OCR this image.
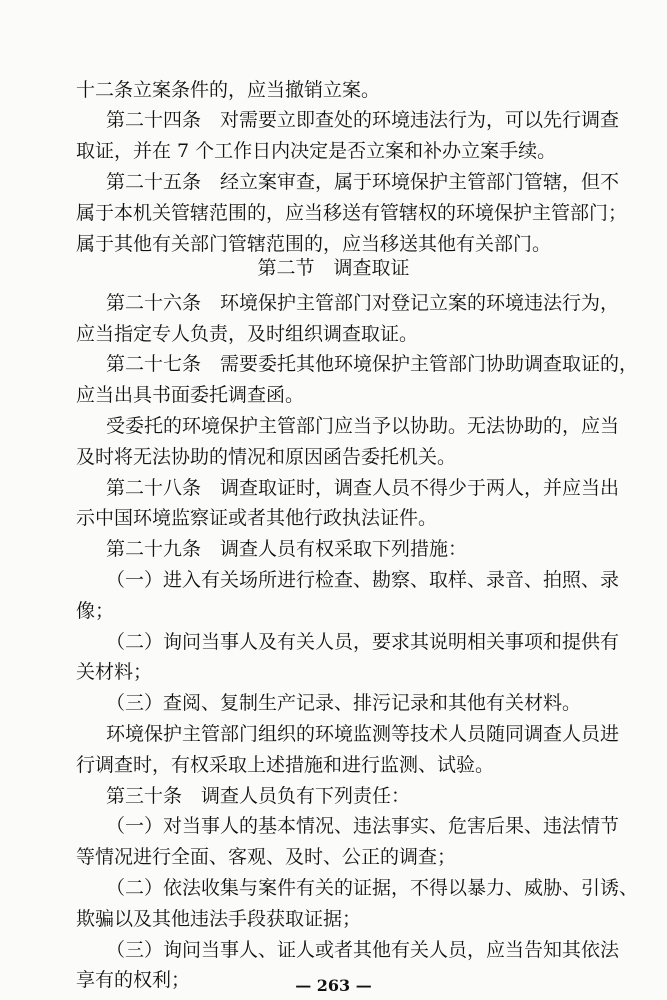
十二条立案条件的，应当撤销立案。
第二十四条　对需要立即查处的环境违法行为，可以先行调查
取证，并在 7 个工作日内决定是否立案和补办立案手续。
第二十五条　经立案审查，属于环境保护主管部门管辖，但不
属于本机关管辖范围的，应当移送有管辖权的环境保护主管部门；
属于其他有关部门管辖范围的，应当移送其他有关部门。
第二节　调查取证
第二十六条　环境保护主管部门对登记立案的环境违法行为，
应当指定专人负责，及时组织调查取证。
第二十七条　需要委托其他环境保护主管部门协助调查取证的，
应当出具书面委托调查函。
受委托的环境保护主管部门应当予以协助。无法协助的，应当
及时将无法协助的情况和原因函告委托机关。
第二十八条　调查取证时，调查人员不得少于两人，并应当出
示中国环境监察证或者其他行政执法证件。
第二十九条　调查人员有权采取下列措施：
（一）进入有关场所进行检查、勘察、取样、录音、拍照、录
像；
（二）询问当事人及有关人员，要求其说明相关事项和提供有
关材料；
（三）查阅、复制生产记录、排污记录和其他有关材料。
环境保护主管部门组织的环境监测等技术人员随同调查人员进
行调查时，有权采取上述措施和进行监测、试验。
第三十条　调查人员负有下列责任：
（一）对当事人的基本情况、违法事实、危害后果、违法情节
等情况进行全面、客观、及时、公正的调查；
（二）依法收集与案件有关的证据，不得以暴力、威胁、引诱、
欺骗以及其他违法手段获取证据；
（三）询问当事人、证人或者其他有关人员，应当告知其依法
享有的权利；	— 263 —
